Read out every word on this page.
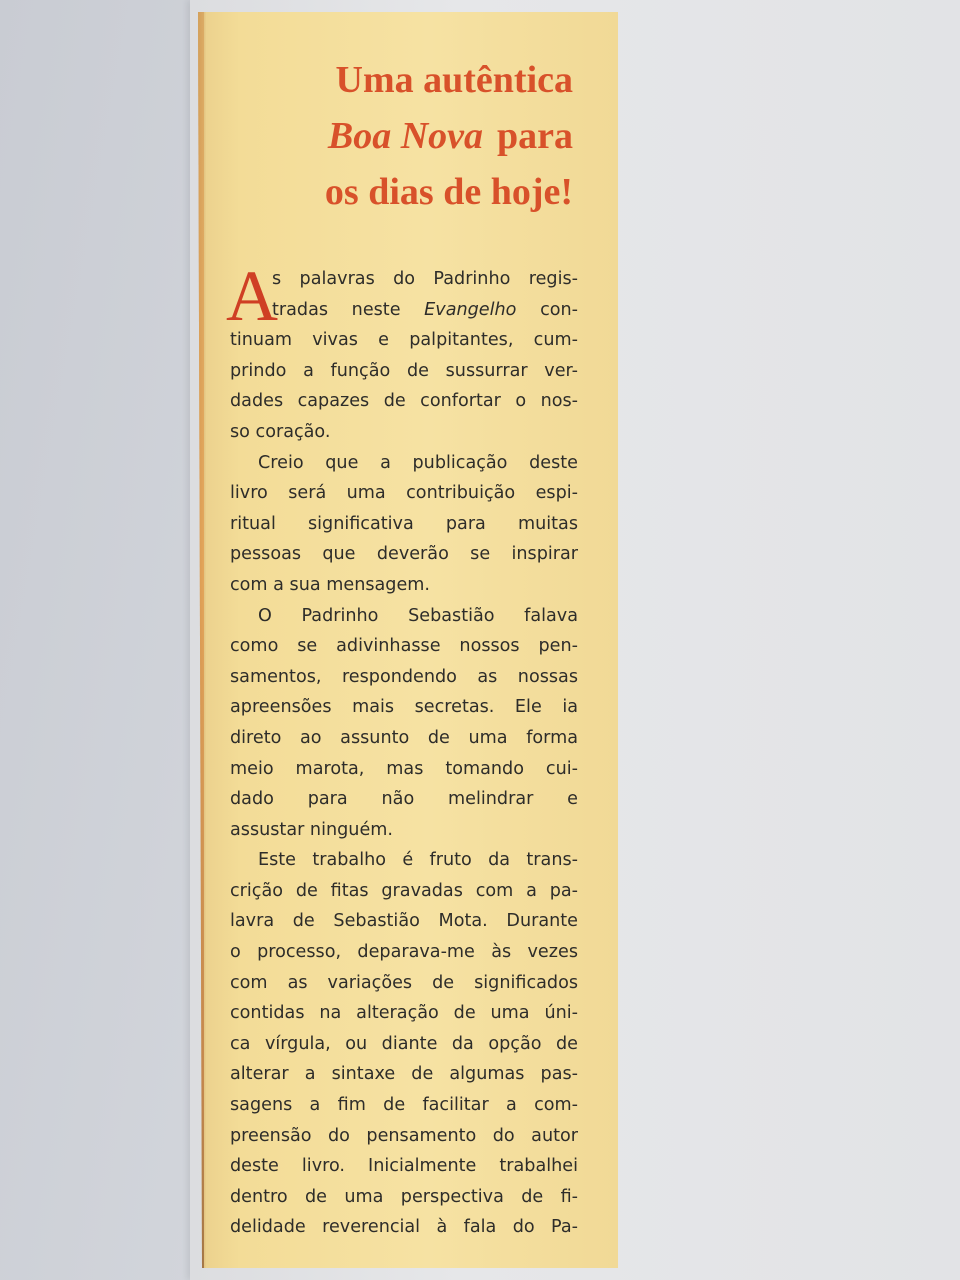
Uma autêntica
Boa Nova para
os dias de hoje!
A
s palavras do Padrinho regis-
tradas neste Evangelho con-
tinuam vivas e palpitantes, cum-
prindo a função de sussurrar ver-
dades capazes de confortar o nos-
so coração.
Creio que a publicação deste
livro será uma contribuição espi-
ritual significativa para muitas
pessoas que deverão se inspirar
com a sua mensagem.
O Padrinho Sebastião falava
como se adivinhasse nossos pen-
samentos, respondendo as nossas
apreensões mais secretas. Ele ia
direto ao assunto de uma forma
meio marota, mas tomando cui-
dado para não melindrar e
assustar ninguém.
Este trabalho é fruto da trans-
crição de fitas gravadas com a pa-
lavra de Sebastião Mota. Durante
o processo, deparava-me às vezes
com as variações de significados
contidas na alteração de uma úni-
ca vírgula, ou diante da opção de
alterar a sintaxe de algumas pas-
sagens a fim de facilitar a com-
preensão do pensamento do autor
deste livro. Inicialmente trabalhei
dentro de uma perspectiva de fi-
delidade reverencial à fala do Pa-
